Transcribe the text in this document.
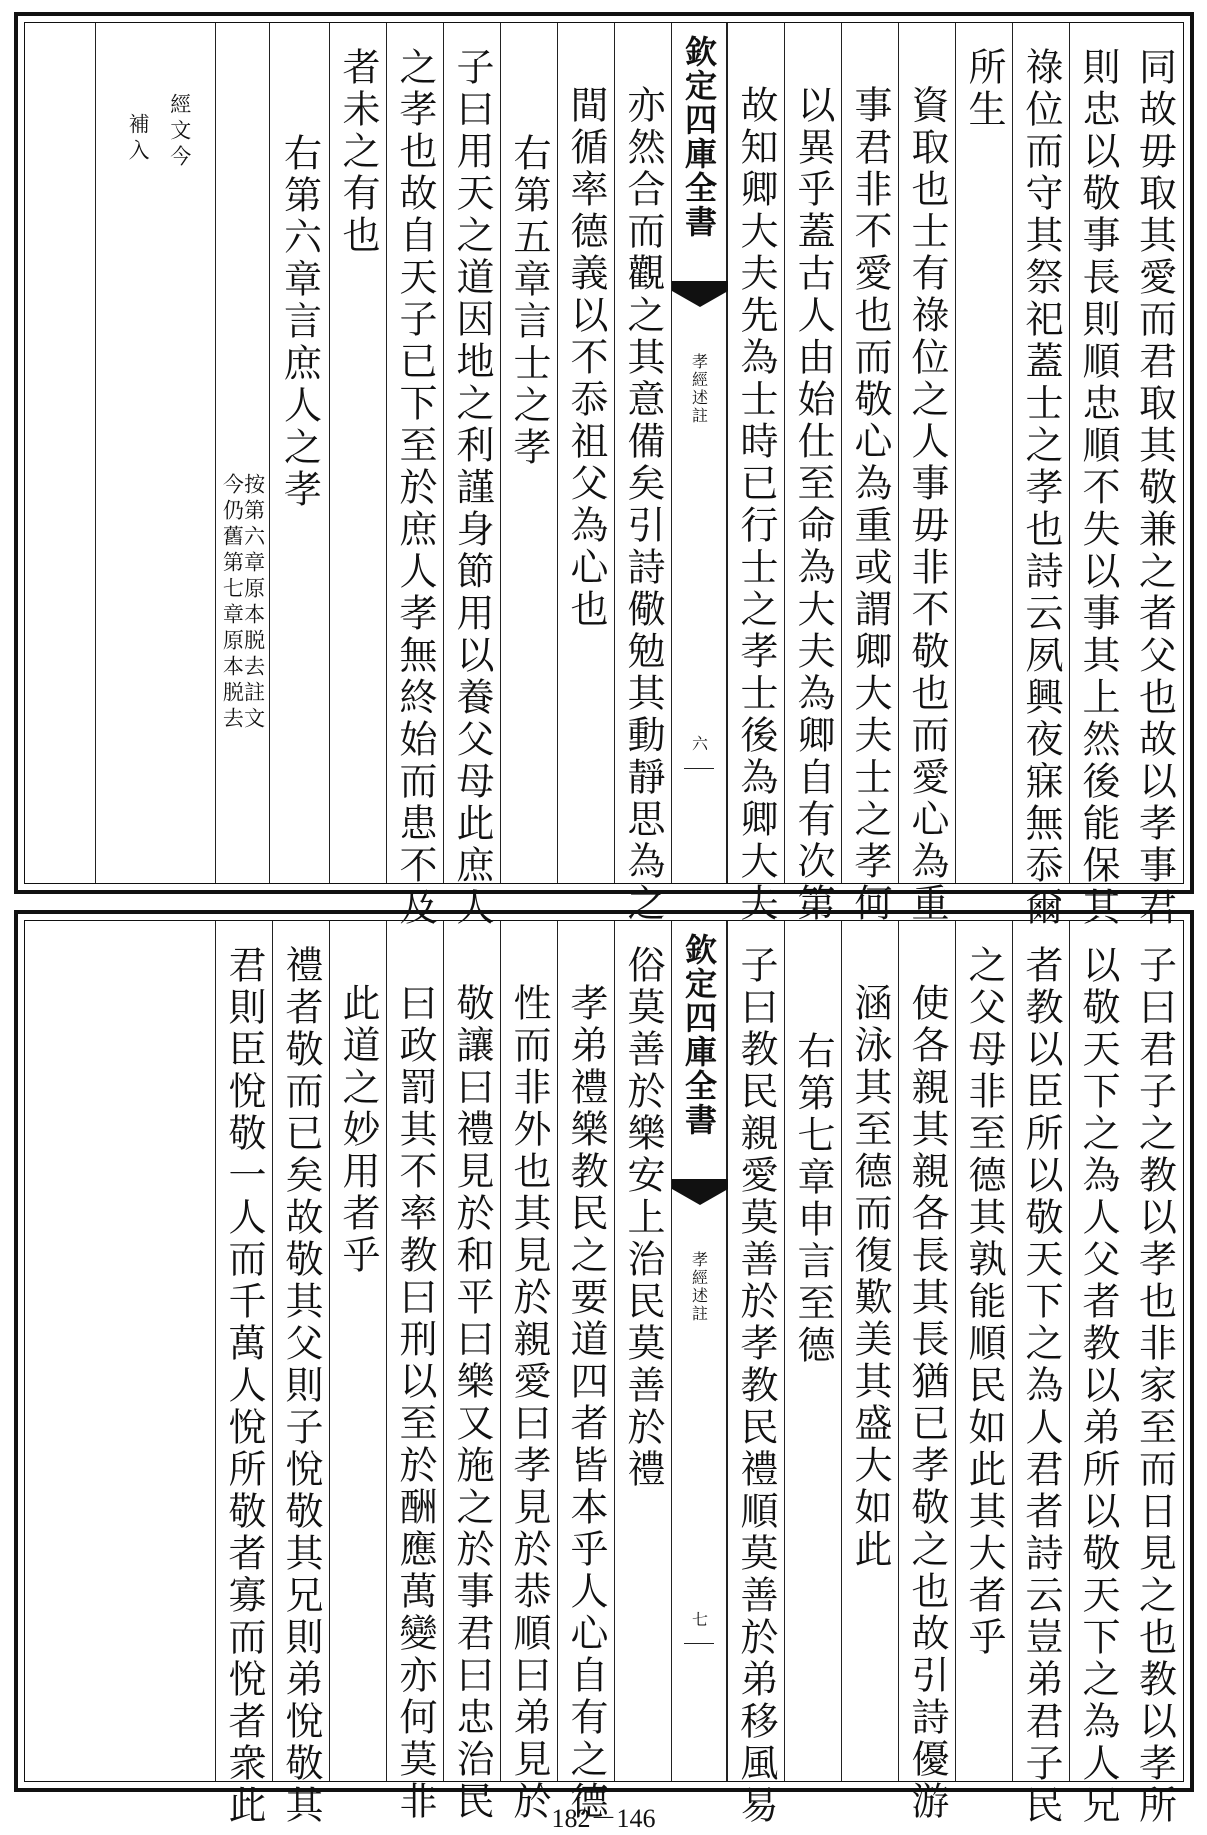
同故毋取其愛而君取其敬兼之者父也故以孝事君
則忠以敬事長則順忠順不失以事其上然後能保其
祿位而守其祭祀蓋士之孝也詩云夙興夜寐無忝爾
所生
資取也士有祿位之人事毋非不敬也而愛心為重
事君非不愛也而敬心為重或謂卿大夫士之孝何
以異乎蓋古人由始仕至命為大夫為卿自有次第
故知卿大夫先為士時已行士之孝士後為卿大夫
欽定四庫全書
孝經述註
六
亦然合而觀之其意備矣引詩儆勉其動靜思為之
間循率德義以不忝祖父為心也
右第五章言士之孝
子曰用天之道因地之利謹身節用以養父母此庶人
之孝也故自天子已下至於庶人孝無終始而患不及
者未之有也
右第六章言庶人之孝
按第六章原本脱去註文
今仍舊第七章原本脱去
經文今
補入
子曰君子之教以孝也非家至而日見之也教以孝所
以敬天下之為人父者教以弟所以敬天下之為人兄
者教以臣所以敬天下之為人君者詩云豈弟君子民
之父母非至德其孰能順民如此其大者乎
使各親其親各長其長猶已孝敬之也故引詩優游
涵泳其至德而復歎美其盛大如此
右第七章申言至德
子曰教民親愛莫善於孝教民禮順莫善於弟移風易
欽定四庫全書
孝經述註
七
俗莫善於樂安上治民莫善於禮
孝弟禮樂教民之要道四者皆本乎人心自有之德
性而非外也其見於親愛曰孝見於恭順曰弟見於
敬讓曰禮見於和平曰樂又施之於事君曰忠治民
曰政罰其不率教曰刑以至於酬應萬變亦何莫非
此道之妙用者乎
禮者敬而已矣故敬其父則子悅敬其兄則弟悅敬其
君則臣悅敬一人而千萬人悅所敬者寡而悅者衆此	182－146
